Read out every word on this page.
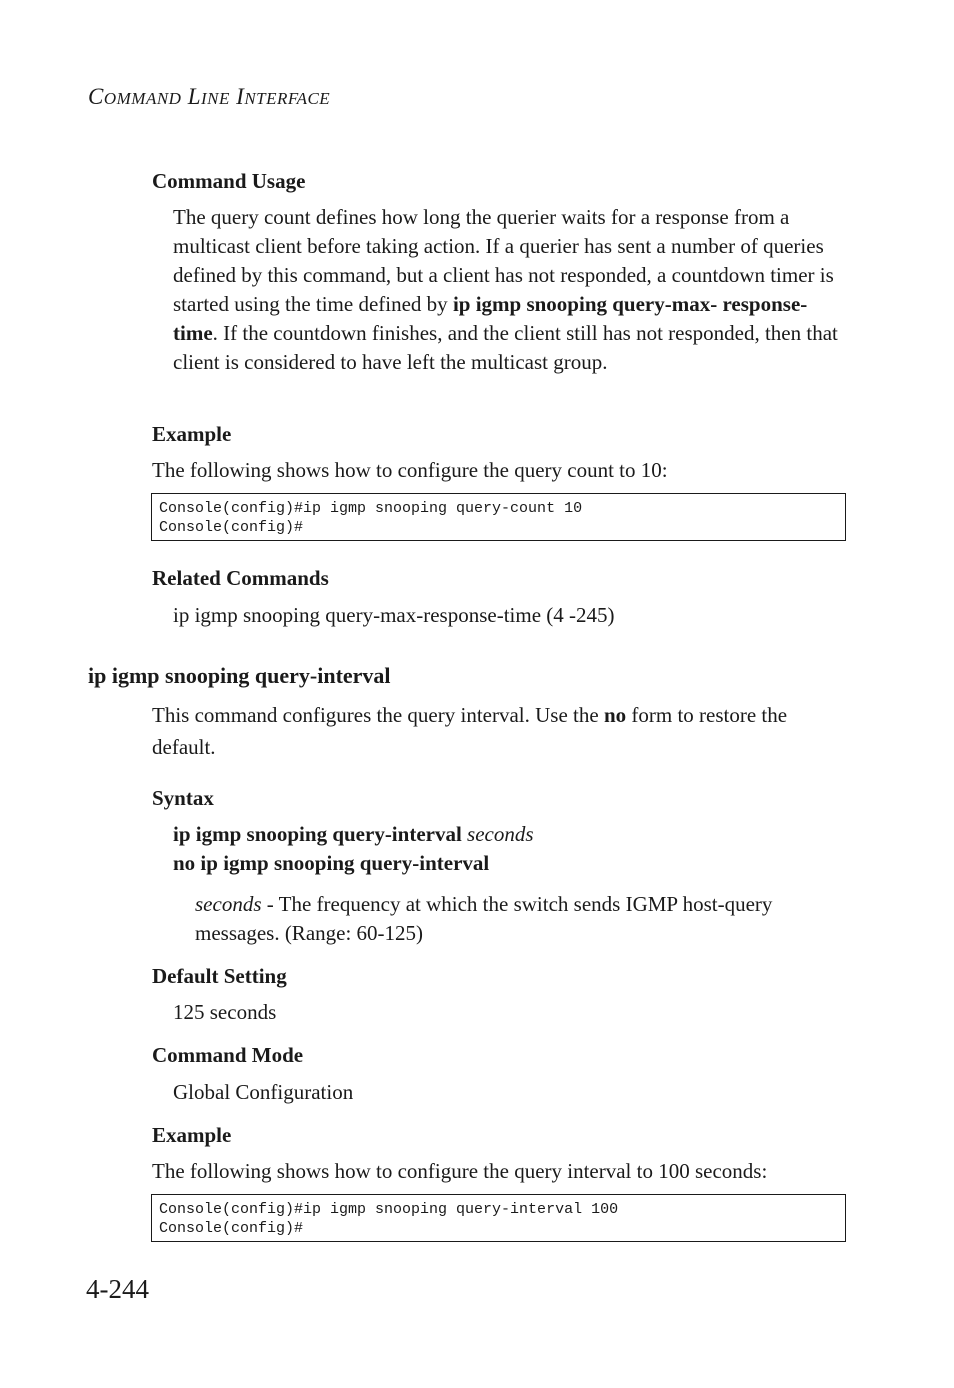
COMMAND LINE INTERFACE
Command Usage
The query count defines how long the querier waits for a response from a multicast client before taking action. If a querier has sent a number of queries defined by this command, but a client has not responded, a countdown timer is started using the time defined by ip igmp snooping query-max- response-time. If the countdown finishes, and the client still has not responded, then that client is considered to have left the multicast group.
Example
The following shows how to configure the query count to 10:
Console(config)#ip igmp snooping query-count 10
Console(config)#
Related Commands
ip igmp snooping query-max-response-time (4 -245)
ip igmp snooping query-interval
This command configures the query interval. Use the no form to restore the default.
Syntax
ip igmp snooping query-interval seconds
no ip igmp snooping query-interval
seconds - The frequency at which the switch sends IGMP host-query messages. (Range: 60-125)
Default Setting
125 seconds
Command Mode
Global Configuration
Example
The following shows how to configure the query interval to 100 seconds:
Console(config)#ip igmp snooping query-interval 100
Console(config)#
4-244
